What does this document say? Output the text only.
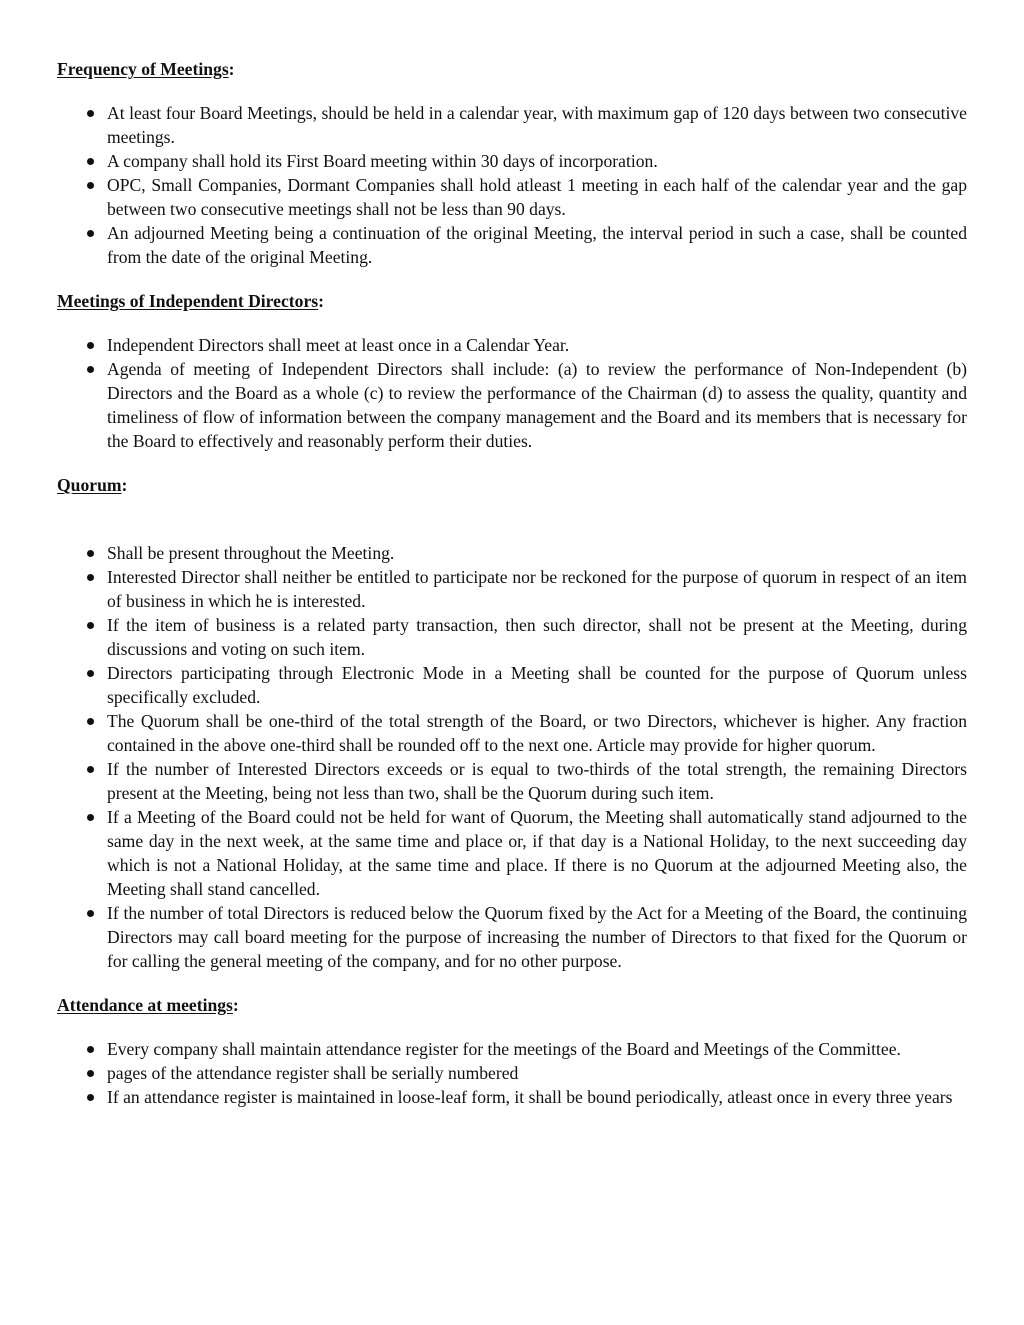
Frequency of Meetings:
At least four Board Meetings, should be held in a calendar year, with maximum gap of 120 days between two consecutive meetings.
A company shall hold its First Board meeting within 30 days of incorporation.
OPC, Small Companies, Dormant Companies shall hold atleast 1 meeting in each half of the calendar year and the gap between two consecutive meetings shall not be less than 90 days.
An adjourned Meeting being a continuation of the original Meeting, the interval period in such a case, shall be counted from the date of the original Meeting.
Meetings of Independent Directors:
Independent Directors shall meet at least once in a Calendar Year.
Agenda of meeting of Independent Directors shall include: (a) to review the performance of Non-Independent (b) Directors and the Board as a whole (c) to review the performance of the Chairman (d) to assess the quality, quantity and timeliness of flow of information between the company management and the Board and its members that is necessary for the Board to effectively and reasonably perform their duties.
Quorum:
Shall be present throughout the Meeting.
Interested Director shall neither be entitled to participate nor be reckoned for the purpose of quorum in respect of an item of business in which he is interested.
If the item of business is a related party transaction, then such director, shall not be present at the Meeting, during discussions and voting on such item.
Directors participating through Electronic Mode in a Meeting shall be counted for the purpose of Quorum unless specifically excluded.
The Quorum shall be one-third of the total strength of the Board, or two Directors, whichever is higher. Any fraction contained in the above one-third shall be rounded off to the next one. Article may provide for higher quorum.
If the number of Interested Directors exceeds or is equal to two-thirds of the total strength, the remaining Directors present at the Meeting, being not less than two, shall be the Quorum during such item.
If a Meeting of the Board could not be held for want of Quorum, the Meeting shall automatically stand adjourned to the same day in the next week, at the same time and place or, if that day is a National Holiday, to the next succeeding day which is not a National Holiday, at the same time and place. If there is no Quorum at the adjourned Meeting also, the Meeting shall stand cancelled.
If the number of total Directors is reduced below the Quorum fixed by the Act for a Meeting of the Board, the continuing Directors may call board meeting for the purpose of increasing the number of Directors to that fixed for the Quorum or for calling the general meeting of the company, and for no other purpose.
Attendance at meetings:
Every company shall maintain attendance register for the meetings of the Board and Meetings of the Committee.
pages of the attendance register shall be serially numbered
If an attendance register is maintained in loose-leaf form, it shall be bound periodically, atleast once in every three years
